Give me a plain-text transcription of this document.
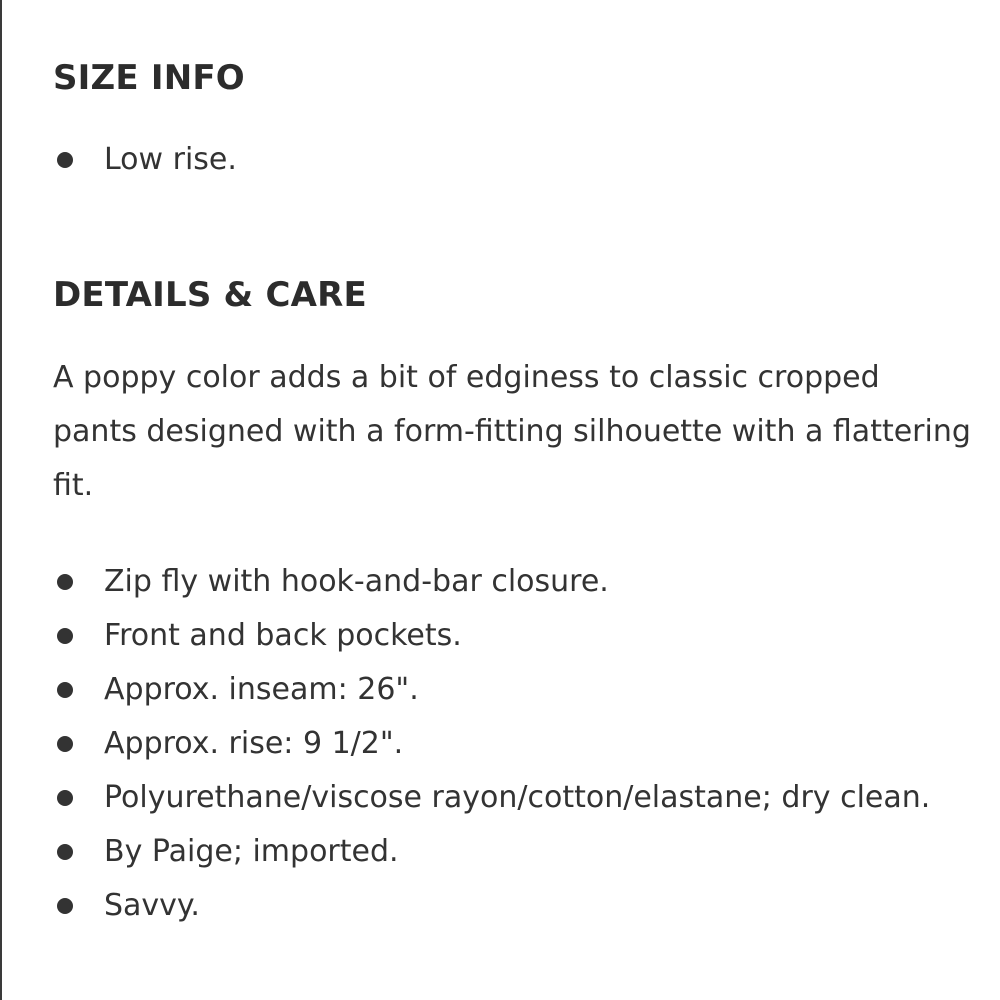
SIZE INFO
Low rise.
DETAILS & CARE

A poppy color adds a bit of edginess to classic cropped pants designed with a form-fitting silhouette with a flattering fit.

Zip fly with hook-and-bar closure.
Front and back pockets.
Approx. inseam: 26".
Approx. rise: 9 1/2".
Polyurethane/viscose rayon/cotton/elastane; dry clean.
By Paige; imported.
Savvy.
